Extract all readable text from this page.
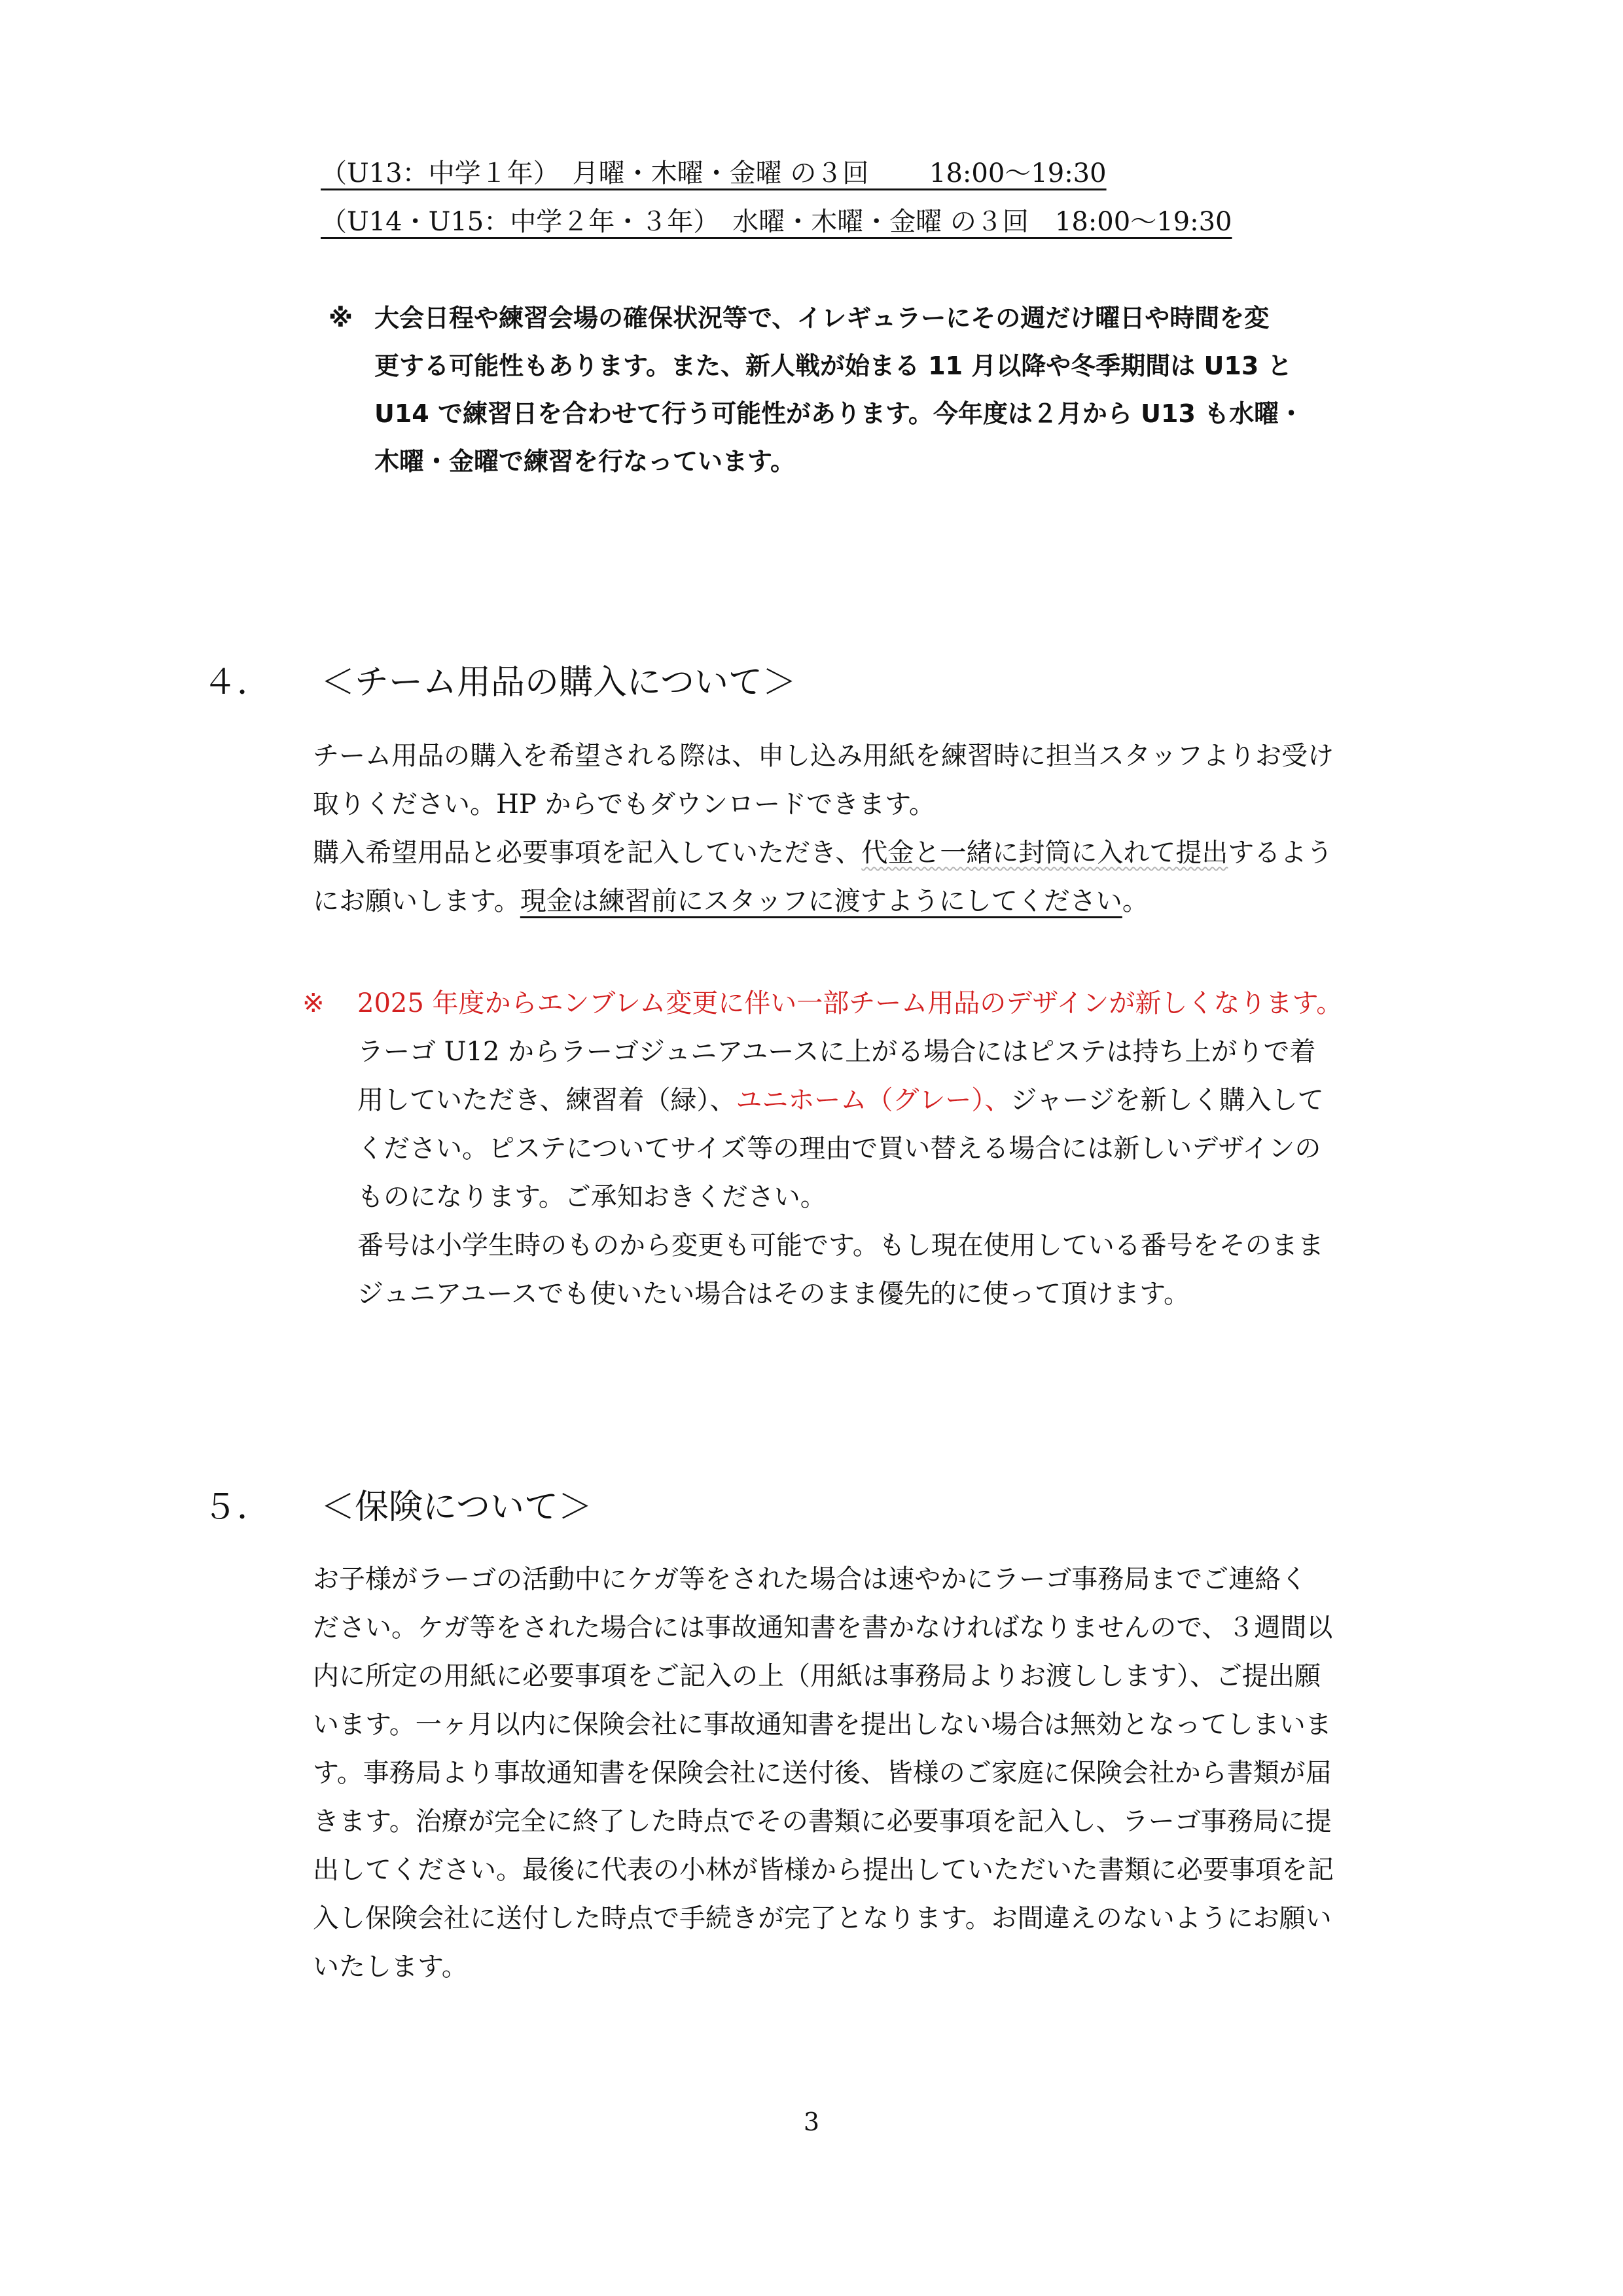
（U13：中学１年）　月曜・木曜・金曜 の３回 　　18:00〜19:30
（U14・U15：中学２年・３年）　水曜・木曜・金曜 の３回　18:00〜19:30
※ 大会日程や練習会場の確保状況等で、イレギュラーにその週だけ曜日や時間を変
更する可能性もあります。また、新人戦が始まる 11 月以降や冬季期間は U13 と
U14 で練習日を合わせて行う可能性があります。今年度は２月から U13 も水曜・
木曜・金曜で練習を行なっています。
４． ＜チーム用品の購入について＞
チーム用品の購入を希望される際は、申し込み用紙を練習時に担当スタッフよりお受け
取りください。HP からでもダウンロードできます。
購入希望用品と必要事項を記入していただき、代金と一緒に封筒に入れて提出するよう
にお願いします。現金は練習前にスタッフに渡すようにしてください。
※ 2025 年度からエンブレム変更に伴い一部チーム用品のデザインが新しくなります。
ラーゴ U12 からラーゴジュニアユースに上がる場合にはピステは持ち上がりで着
用していただき、練習着（緑）、ユニホーム（グレー）、ジャージを新しく購入して
ください。ピステについてサイズ等の理由で買い替える場合には新しいデザインの
ものになります。ご承知おきください。
番号は小学生時のものから変更も可能です。もし現在使用している番号をそのまま
ジュニアユースでも使いたい場合はそのまま優先的に使って頂けます。
５． ＜保険について＞
お子様がラーゴの活動中にケガ等をされた場合は速やかにラーゴ事務局までご連絡く
ださい。ケガ等をされた場合には事故通知書を書かなければなりませんので、３週間以
内に所定の用紙に必要事項をご記入の上（用紙は事務局よりお渡しします）、ご提出願
います。一ヶ月以内に保険会社に事故通知書を提出しない場合は無効となってしまいま
す。事務局より事故通知書を保険会社に送付後、皆様のご家庭に保険会社から書類が届
きます。治療が完全に終了した時点でその書類に必要事項を記入し、ラーゴ事務局に提
出してください。最後に代表の小林が皆様から提出していただいた書類に必要事項を記
入し保険会社に送付した時点で手続きが完了となります。お間違えのないようにお願い
いたします。
3
